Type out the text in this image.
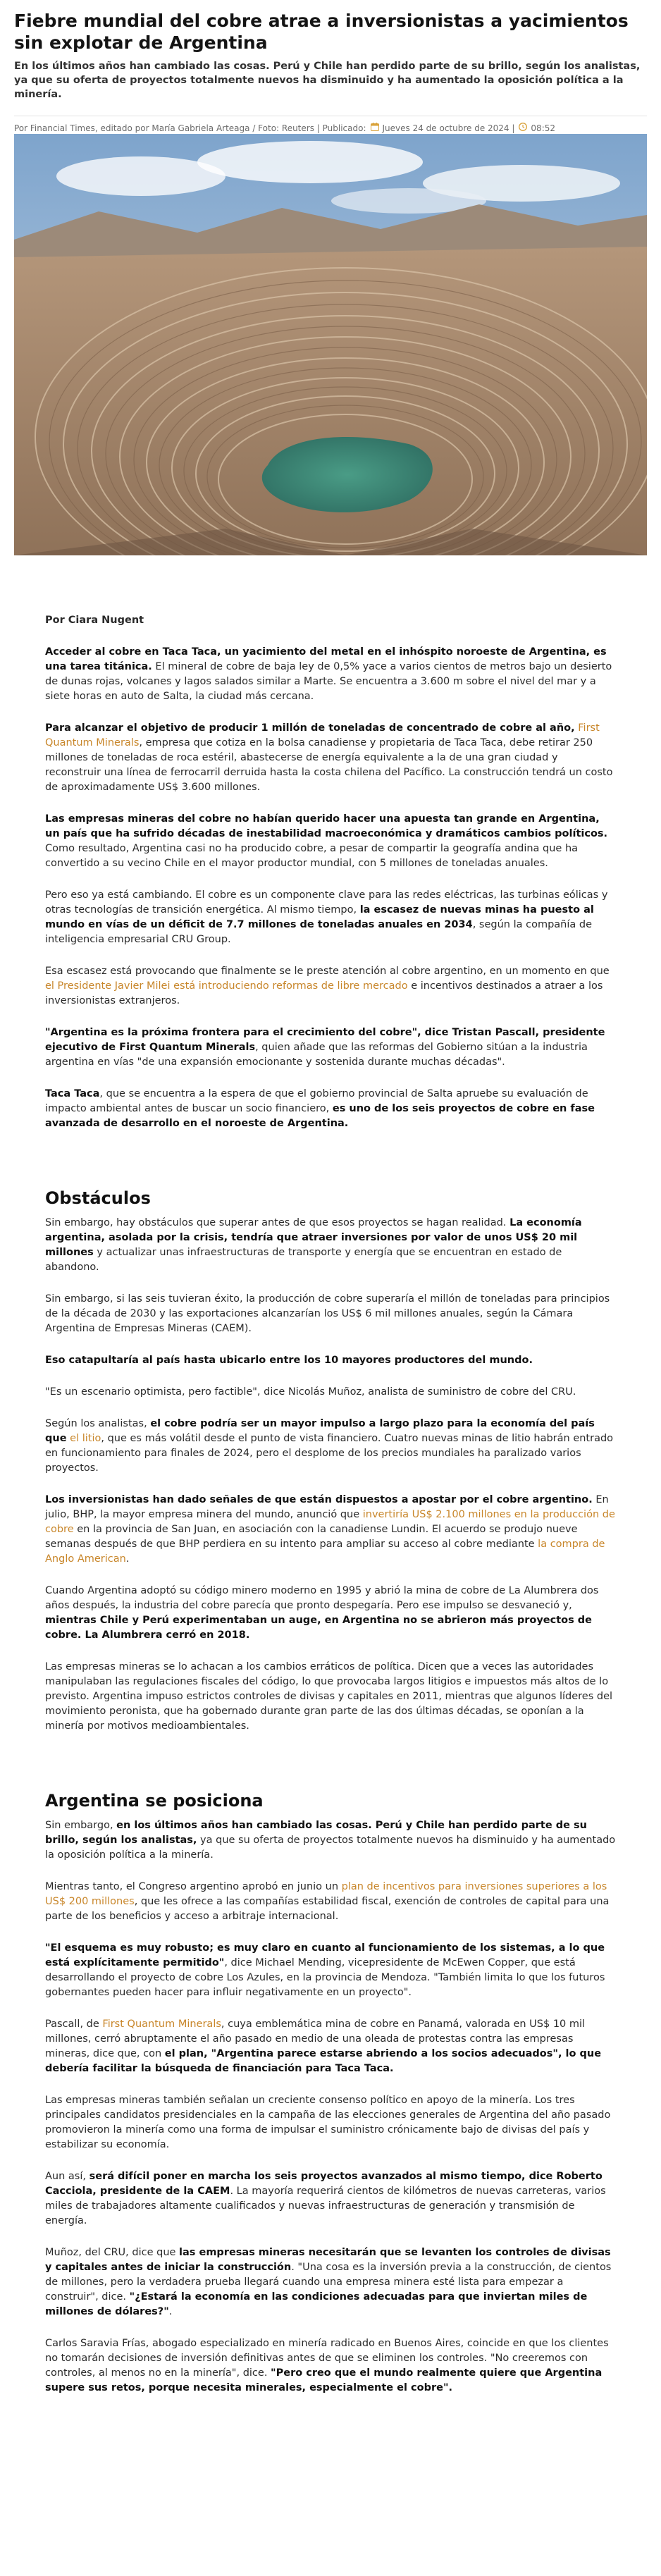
Fiebre mundial del cobre atrae a inversionistas a yacimientos sin explotar de Argentina

En los últimos años han cambiado las cosas. Perú y Chile han perdido parte de su brillo, según los analistas, ya que su oferta de proyectos totalmente nuevos ha disminuido y ha aumentado la oposición política a la minería.

Por Financial Times, editado por María Gabriela Arteaga / Foto: Reuters | Publicado: Jueves 24 de octubre de 2024 | 08:52

Por Ciara Nugent

Acceder al cobre en Taca Taca, un yacimiento del metal en el inhóspito noroeste de Argentina, es una tarea titánica. El mineral de cobre de baja ley de 0,5% yace a varios cientos de metros bajo un desierto de dunas rojas, volcanes y lagos salados similar a Marte. Se encuentra a 3.600 m sobre el nivel del mar y a siete horas en auto de Salta, la ciudad más cercana.

Para alcanzar el objetivo de producir 1 millón de toneladas de concentrado de cobre al año, First Quantum Minerals, empresa que cotiza en la bolsa canadiense y propietaria de Taca Taca, debe retirar 250 millones de toneladas de roca estéril, abastecerse de energía equivalente a la de una gran ciudad y reconstruir una línea de ferrocarril derruida hasta la costa chilena del Pacífico. La construcción tendrá un costo de aproximadamente US$ 3.600 millones.

Las empresas mineras del cobre no habían querido hacer una apuesta tan grande en Argentina, un país que ha sufrido décadas de inestabilidad macroeconómica y dramáticos cambios políticos. Como resultado, Argentina casi no ha producido cobre, a pesar de compartir la geografía andina que ha convertido a su vecino Chile en el mayor productor mundial, con 5 millones de toneladas anuales.

Pero eso ya está cambiando. El cobre es un componente clave para las redes eléctricas, las turbinas eólicas y otras tecnologías de transición energética. Al mismo tiempo, la escasez de nuevas minas ha puesto al mundo en vías de un déficit de 7.7 millones de toneladas anuales en 2034, según la compañía de inteligencia empresarial CRU Group.

Esa escasez está provocando que finalmente se le preste atención al cobre argentino, en un momento en que el Presidente Javier Milei está introduciendo reformas de libre mercado e incentivos destinados a atraer a los inversionistas extranjeros.

"Argentina es la próxima frontera para el crecimiento del cobre", dice Tristan Pascall, presidente ejecutivo de First Quantum Minerals, quien añade que las reformas del Gobierno sitúan a la industria argentina en vías "de una expansión emocionante y sostenida durante muchas décadas".

Taca Taca, que se encuentra a la espera de que el gobierno provincial de Salta apruebe su evaluación de impacto ambiental antes de buscar un socio financiero, es uno de los seis proyectos de cobre en fase avanzada de desarrollo en el noroeste de Argentina.

Obstáculos

Sin embargo, hay obstáculos que superar antes de que esos proyectos se hagan realidad. La economía argentina, asolada por la crisis, tendría que atraer inversiones por valor de unos US$ 20 mil millones y actualizar unas infraestructuras de transporte y energía que se encuentran en estado de abandono.

Sin embargo, si las seis tuvieran éxito, la producción de cobre superaría el millón de toneladas para principios de la década de 2030 y las exportaciones alcanzarían los US$ 6 mil millones anuales, según la Cámara Argentina de Empresas Mineras (CAEM).

Eso catapultaría al país hasta ubicarlo entre los 10 mayores productores del mundo.

"Es un escenario optimista, pero factible", dice Nicolás Muñoz, analista de suministro de cobre del CRU.

Según los analistas, el cobre podría ser un mayor impulso a largo plazo para la economía del país que el litio, que es más volátil desde el punto de vista financiero. Cuatro nuevas minas de litio habrán entrado en funcionamiento para finales de 2024, pero el desplome de los precios mundiales ha paralizado varios proyectos.

Los inversionistas han dado señales de que están dispuestos a apostar por el cobre argentino. En julio, BHP, la mayor empresa minera del mundo, anunció que invertiría US$ 2.100 millones en la producción de cobre en la provincia de San Juan, en asociación con la canadiense Lundin. El acuerdo se produjo nueve semanas después de que BHP perdiera en su intento para ampliar su acceso al cobre mediante la compra de Anglo American.

Cuando Argentina adoptó su código minero moderno en 1995 y abrió la mina de cobre de La Alumbrera dos años después, la industria del cobre parecía que pronto despegaría. Pero ese impulso se desvaneció y, mientras Chile y Perú experimentaban un auge, en Argentina no se abrieron más proyectos de cobre. La Alumbrera cerró en 2018.

Las empresas mineras se lo achacan a los cambios erráticos de política. Dicen que a veces las autoridades manipulaban las regulaciones fiscales del código, lo que provocaba largos litigios e impuestos más altos de lo previsto. Argentina impuso estrictos controles de divisas y capitales en 2011, mientras que algunos líderes del movimiento peronista, que ha gobernado durante gran parte de las dos últimas décadas, se oponían a la minería por motivos medioambientales.

Argentina se posiciona

Sin embargo, en los últimos años han cambiado las cosas. Perú y Chile han perdido parte de su brillo, según los analistas, ya que su oferta de proyectos totalmente nuevos ha disminuido y ha aumentado la oposición política a la minería.

Mientras tanto, el Congreso argentino aprobó en junio un plan de incentivos para inversiones superiores a los US$ 200 millones, que les ofrece a las compañías estabilidad fiscal, exención de controles de capital para una parte de los beneficios y acceso a arbitraje internacional.

"El esquema es muy robusto; es muy claro en cuanto al funcionamiento de los sistemas, a lo que está explícitamente permitido", dice Michael Mending, vicepresidente de McEwen Copper, que está desarrollando el proyecto de cobre Los Azules, en la provincia de Mendoza. "También limita lo que los futuros gobernantes pueden hacer para influir negativamente en un proyecto".

Pascall, de First Quantum Minerals, cuya emblemática mina de cobre en Panamá, valorada en US$ 10 mil millones, cerró abruptamente el año pasado en medio de una oleada de protestas contra las empresas mineras, dice que, con el plan, "Argentina parece estarse abriendo a los socios adecuados", lo que debería facilitar la búsqueda de financiación para Taca Taca.

Las empresas mineras también señalan un creciente consenso político en apoyo de la minería. Los tres principales candidatos presidenciales en la campaña de las elecciones generales de Argentina del año pasado promovieron la minería como una forma de impulsar el suministro crónicamente bajo de divisas del país y estabilizar su economía.

Aun así, será difícil poner en marcha los seis proyectos avanzados al mismo tiempo, dice Roberto Cacciola, presidente de la CAEM. La mayoría requerirá cientos de kilómetros de nuevas carreteras, varios miles de trabajadores altamente cualificados y nuevas infraestructuras de generación y transmisión de energía.

Muñoz, del CRU, dice que las empresas mineras necesitarán que se levanten los controles de divisas y capitales antes de iniciar la construcción. "Una cosa es la inversión previa a la construcción, de cientos de millones, pero la verdadera prueba llegará cuando una empresa minera esté lista para empezar a construir", dice. "¿Estará la economía en las condiciones adecuadas para que inviertan miles de millones de dólares?".

Carlos Saravia Frías, abogado especializado en minería radicado en Buenos Aires, coincide en que los clientes no tomarán decisiones de inversión definitivas antes de que se eliminen los controles. "No creeremos con controles, al menos no en la minería", dice. "Pero creo que el mundo realmente quiere que Argentina supere sus retos, porque necesita minerales, especialmente el cobre".
